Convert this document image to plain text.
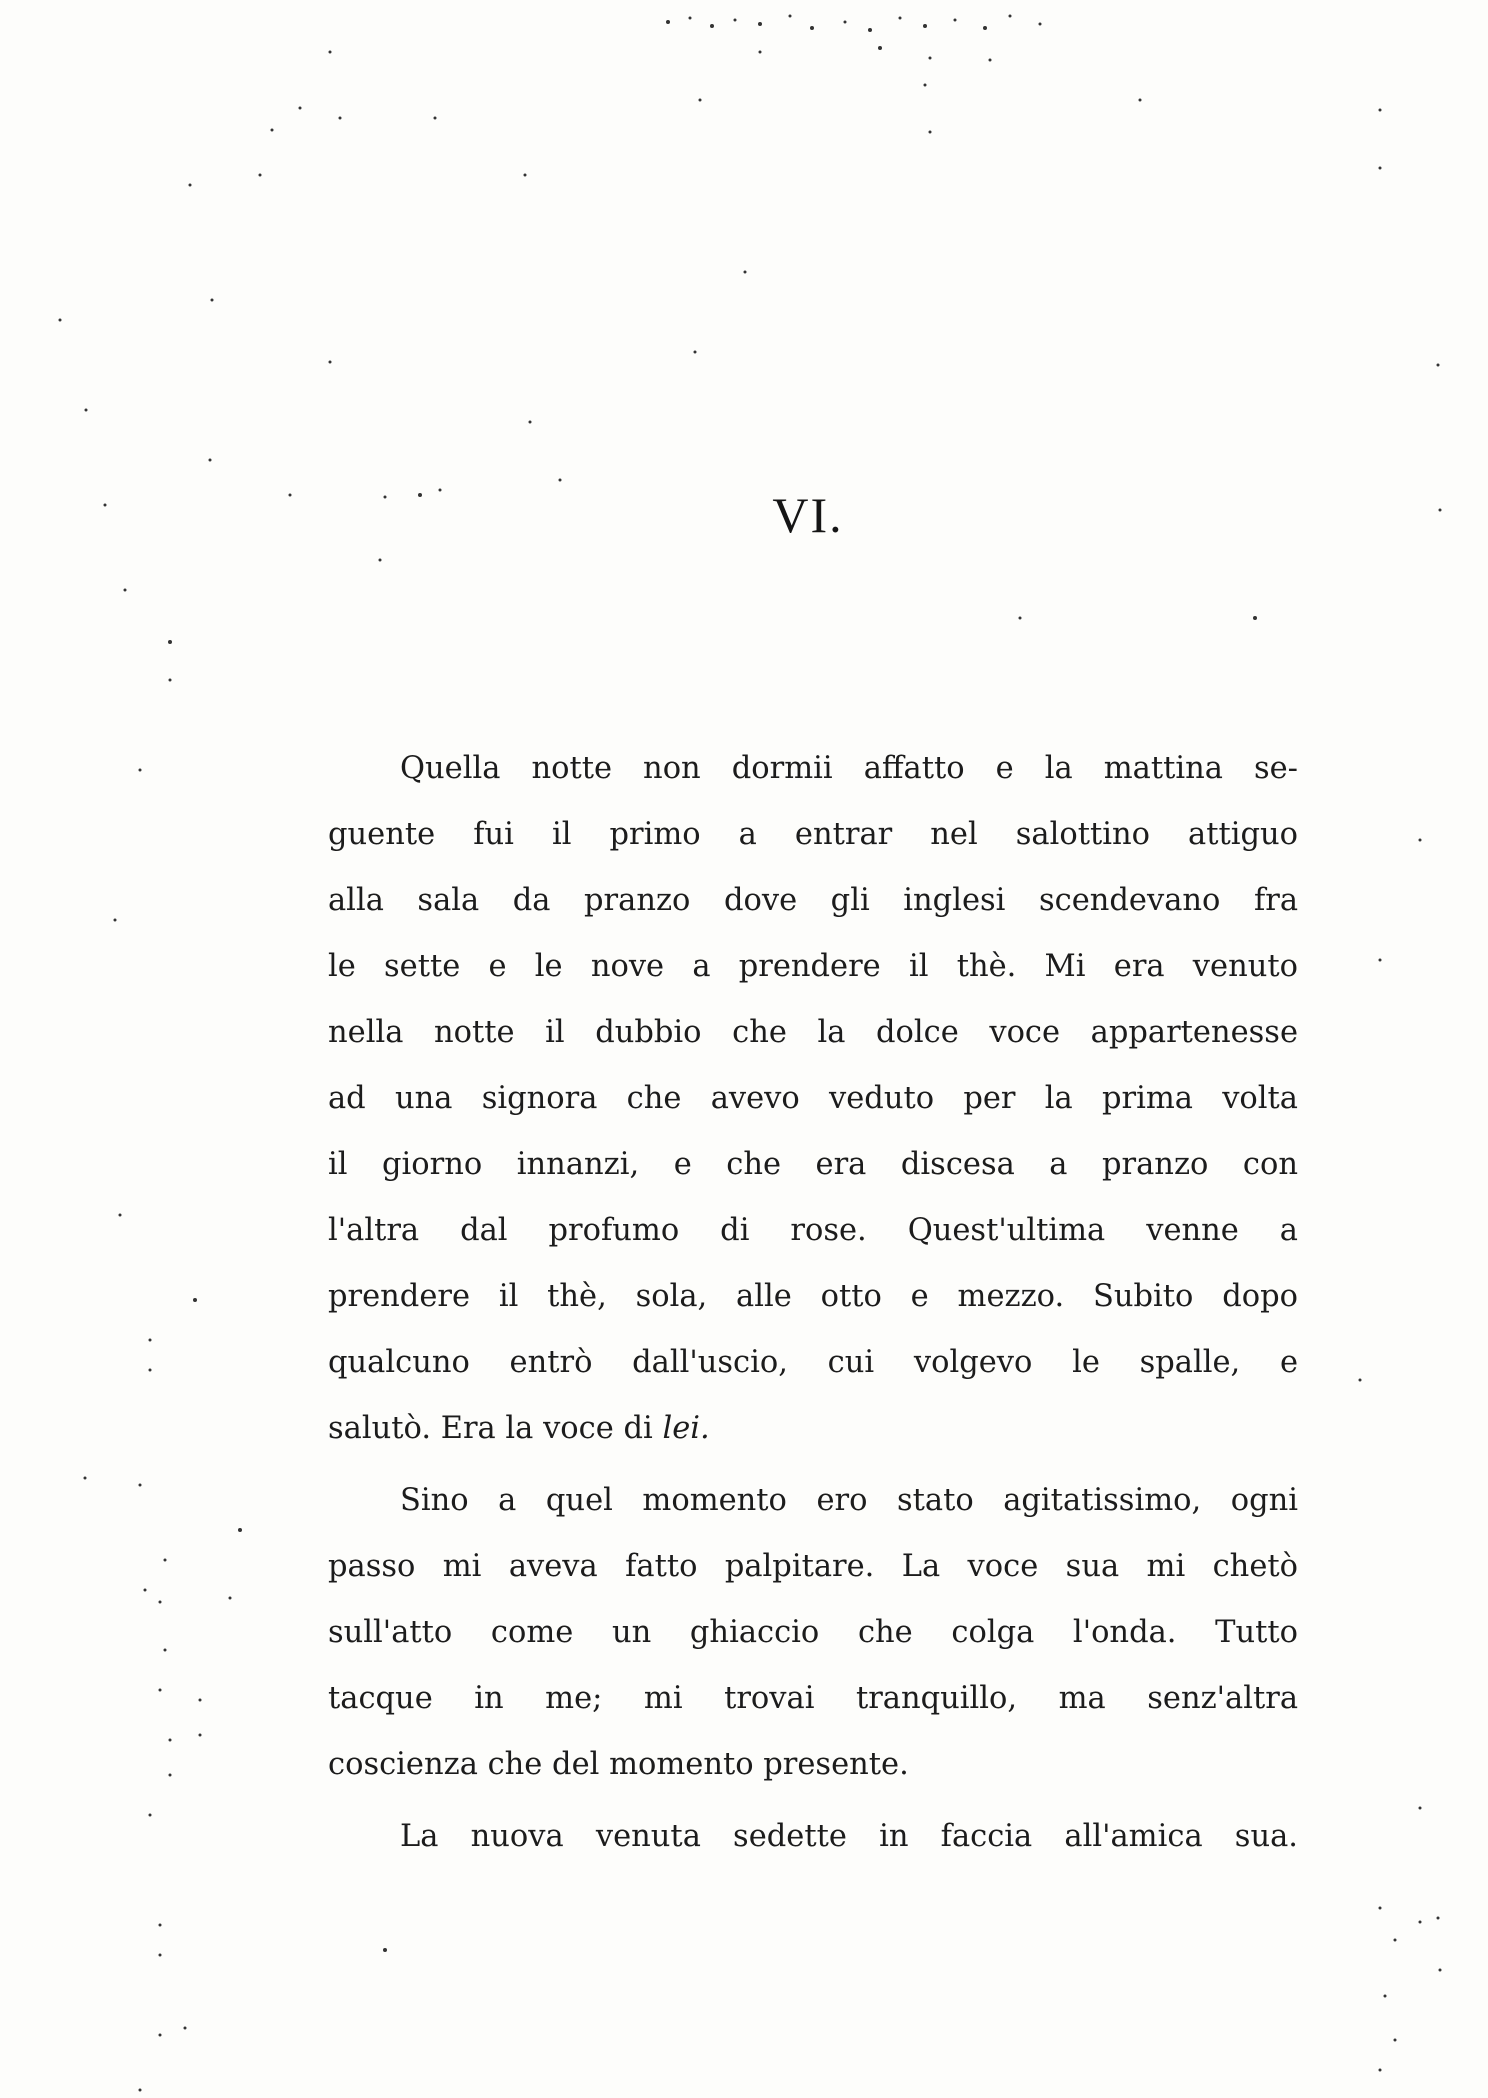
VI.
Quella notte non dormii affatto e la mattina se-
guente fui il primo a entrar nel salottino attiguo
alla sala da pranzo dove gli inglesi scendevano fra
le sette e le nove a prendere il thè. Mi era venuto
nella notte il dubbio che la dolce voce appartenesse
ad una signora che avevo veduto per la prima volta
il giorno innanzi, e che era discesa a pranzo con
l'altra dal profumo di rose. Quest'ultima venne a
prendere il thè, sola, alle otto e mezzo. Subito dopo
qualcuno entrò dall'uscio, cui volgevo le spalle, e
salutò. Era la voce di lei.
Sino a quel momento ero stato agitatissimo, ogni
passo mi aveva fatto palpitare. La voce sua mi chetò
sull'atto come un ghiaccio che colga l'onda. Tutto
tacque in me; mi trovai tranquillo, ma senz'altra
coscienza che del momento presente.
La nuova venuta sedette in faccia all'amica sua.
